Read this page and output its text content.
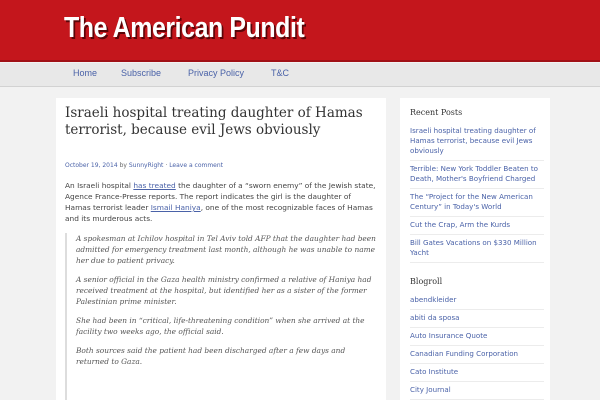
The American Pundit
Home	Subscribe	Privacy Policy	T&C
Israeli hospital treating daughter of Hamas terrorist, because evil Jews obviously
October 19, 2014 by SunnyRight · Leave a comment
An Israeli hospital has treated the daughter of a “sworn enemy” of the Jewish state, Agence France-Presse reports. The report indicates the girl is the daughter of Hamas terrorist leader Ismail Haniya, one of the most recognizable faces of Hamas and its murderous acts.

A spokesman at Ichilov hospital in Tel Aviv told AFP that the daughter had been admitted for emergency treatment last month, although he was unable to name her due to patient privacy.

A senior official in the Gaza health ministry confirmed a relative of Haniya had received treatment at the hospital, but identified her as a sister of the former Palestinian prime minister.

She had been in “critical, life-threatening condition” when she arrived at the facility two weeks ago, the official said.

Both sources said the patient had been discharged after a few days and returned to Gaza.

Recent Posts
Israeli hospital treating daughter of Hamas terrorist, because evil Jews obviously
Terrible: New York Toddler Beaten to Death, Mother's Boyfriend Charged
The “Project for the New American Century” in Today's World
Cut the Crap, Arm the Kurds
Bill Gates Vacations on $330 Million Yacht
Blogroll
abendkleider
abiti da sposa
Auto Insurance Quote
Canadian Funding Corporation
Cato Institute
City Journal
